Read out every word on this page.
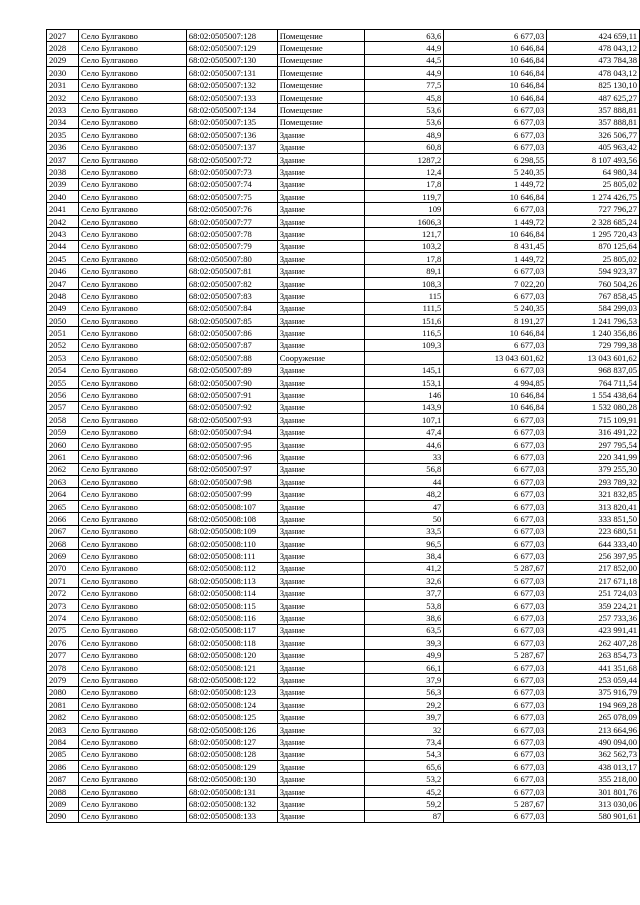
2027	Село Булгаково	68:02:0505007:128	Помещение	63,6	6 677,03	424 659,11
2028	Село Булгаково	68:02:0505007:129	Помещение	44,9	10 646,84	478 043,12
2029	Село Булгаково	68:02:0505007:130	Помещение	44,5	10 646,84	473 784,38
2030	Село Булгаково	68:02:0505007:131	Помещение	44,9	10 646,84	478 043,12
2031	Село Булгаково	68:02:0505007:132	Помещение	77,5	10 646,84	825 130,10
2032	Село Булгаково	68:02:0505007:133	Помещение	45,8	10 646,84	487 625,27
2033	Село Булгаково	68:02:0505007:134	Помещение	53,6	6 677,03	357 888,81
2034	Село Булгаково	68:02:0505007:135	Помещение	53,6	6 677,03	357 888,81
2035	Село Булгаково	68:02:0505007:136	Здание	48,9	6 677,03	326 506,77
2036	Село Булгаково	68:02:0505007:137	Здание	60,8	6 677,03	405 963,42
2037	Село Булгаково	68:02:0505007:72	Здание	1287,2	6 298,55	8 107 493,56
2038	Село Булгаково	68:02:0505007:73	Здание	12,4	5 240,35	64 980,34
2039	Село Булгаково	68:02:0505007:74	Здание	17,8	1 449,72	25 805,02
2040	Село Булгаково	68:02:0505007:75	Здание	119,7	10 646,84	1 274 426,75
2041	Село Булгаково	68:02:0505007:76	Здание	109	6 677,03	727 796,27
2042	Село Булгаково	68:02:0505007:77	Здание	1606,3	1 449,72	2 328 685,24
2043	Село Булгаково	68:02:0505007:78	Здание	121,7	10 646,84	1 295 720,43
2044	Село Булгаково	68:02:0505007:79	Здание	103,2	8 431,45	870 125,64
2045	Село Булгаково	68:02:0505007:80	Здание	17,8	1 449,72	25 805,02
2046	Село Булгаково	68:02:0505007:81	Здание	89,1	6 677,03	594 923,37
2047	Село Булгаково	68:02:0505007:82	Здание	108,3	7 022,20	760 504,26
2048	Село Булгаково	68:02:0505007:83	Здание	115	6 677,03	767 858,45
2049	Село Булгаково	68:02:0505007:84	Здание	111,5	5 240,35	584 299,03
2050	Село Булгаково	68:02:0505007:85	Здание	151,6	8 191,27	1 241 796,53
2051	Село Булгаково	68:02:0505007:86	Здание	116,5	10 646,84	1 240 356,86
2052	Село Булгаково	68:02:0505007:87	Здание	109,3	6 677,03	729 799,38
2053	Село Булгаково	68:02:0505007:88	Сооружение		13 043 601,62	13 043 601,62
2054	Село Булгаково	68:02:0505007:89	Здание	145,1	6 677,03	968 837,05
2055	Село Булгаково	68:02:0505007:90	Здание	153,1	4 994,85	764 711,54
2056	Село Булгаково	68:02:0505007:91	Здание	146	10 646,84	1 554 438,64
2057	Село Булгаково	68:02:0505007:92	Здание	143,9	10 646,84	1 532 080,28
2058	Село Булгаково	68:02:0505007:93	Здание	107,1	6 677,03	715 109,91
2059	Село Булгаково	68:02:0505007:94	Здание	47,4	6 677,03	316 491,22
2060	Село Булгаково	68:02:0505007:95	Здание	44,6	6 677,03	297 795,54
2061	Село Булгаково	68:02:0505007:96	Здание	33	6 677,03	220 341,99
2062	Село Булгаково	68:02:0505007:97	Здание	56,8	6 677,03	379 255,30
2063	Село Булгаково	68:02:0505007:98	Здание	44	6 677,03	293 789,32
2064	Село Булгаково	68:02:0505007:99	Здание	48,2	6 677,03	321 832,85
2065	Село Булгаково	68:02:0505008:107	Здание	47	6 677,03	313 820,41
2066	Село Булгаково	68:02:0505008:108	Здание	50	6 677,03	333 851,50
2067	Село Булгаково	68:02:0505008:109	Здание	33,5	6 677,03	223 680,51
2068	Село Булгаково	68:02:0505008:110	Здание	96,5	6 677,03	644 333,40
2069	Село Булгаково	68:02:0505008:111	Здание	38,4	6 677,03	256 397,95
2070	Село Булгаково	68:02:0505008:112	Здание	41,2	5 287,67	217 852,00
2071	Село Булгаково	68:02:0505008:113	Здание	32,6	6 677,03	217 671,18
2072	Село Булгаково	68:02:0505008:114	Здание	37,7	6 677,03	251 724,03
2073	Село Булгаково	68:02:0505008:115	Здание	53,8	6 677,03	359 224,21
2074	Село Булгаково	68:02:0505008:116	Здание	38,6	6 677,03	257 733,36
2075	Село Булгаково	68:02:0505008:117	Здание	63,5	6 677,03	423 991,41
2076	Село Булгаково	68:02:0505008:118	Здание	39,3	6 677,03	262 407,28
2077	Село Булгаково	68:02:0505008:120	Здание	49,9	5 287,67	263 854,73
2078	Село Булгаково	68:02:0505008:121	Здание	66,1	6 677,03	441 351,68
2079	Село Булгаково	68:02:0505008:122	Здание	37,9	6 677,03	253 059,44
2080	Село Булгаково	68:02:0505008:123	Здание	56,3	6 677,03	375 916,79
2081	Село Булгаково	68:02:0505008:124	Здание	29,2	6 677,03	194 969,28
2082	Село Булгаково	68:02:0505008:125	Здание	39,7	6 677,03	265 078,09
2083	Село Булгаково	68:02:0505008:126	Здание	32	6 677,03	213 664,96
2084	Село Булгаково	68:02:0505008:127	Здание	73,4	6 677,03	490 094,00
2085	Село Булгаково	68:02:0505008:128	Здание	54,3	6 677,03	362 562,73
2086	Село Булгаково	68:02:0505008:129	Здание	65,6	6 677,03	438 013,17
2087	Село Булгаково	68:02:0505008:130	Здание	53,2	6 677,03	355 218,00
2088	Село Булгаково	68:02:0505008:131	Здание	45,2	6 677,03	301 801,76
2089	Село Булгаково	68:02:0505008:132	Здание	59,2	5 287,67	313 030,06
2090	Село Булгаково	68:02:0505008:133	Здание	87	6 677,03	580 901,61
